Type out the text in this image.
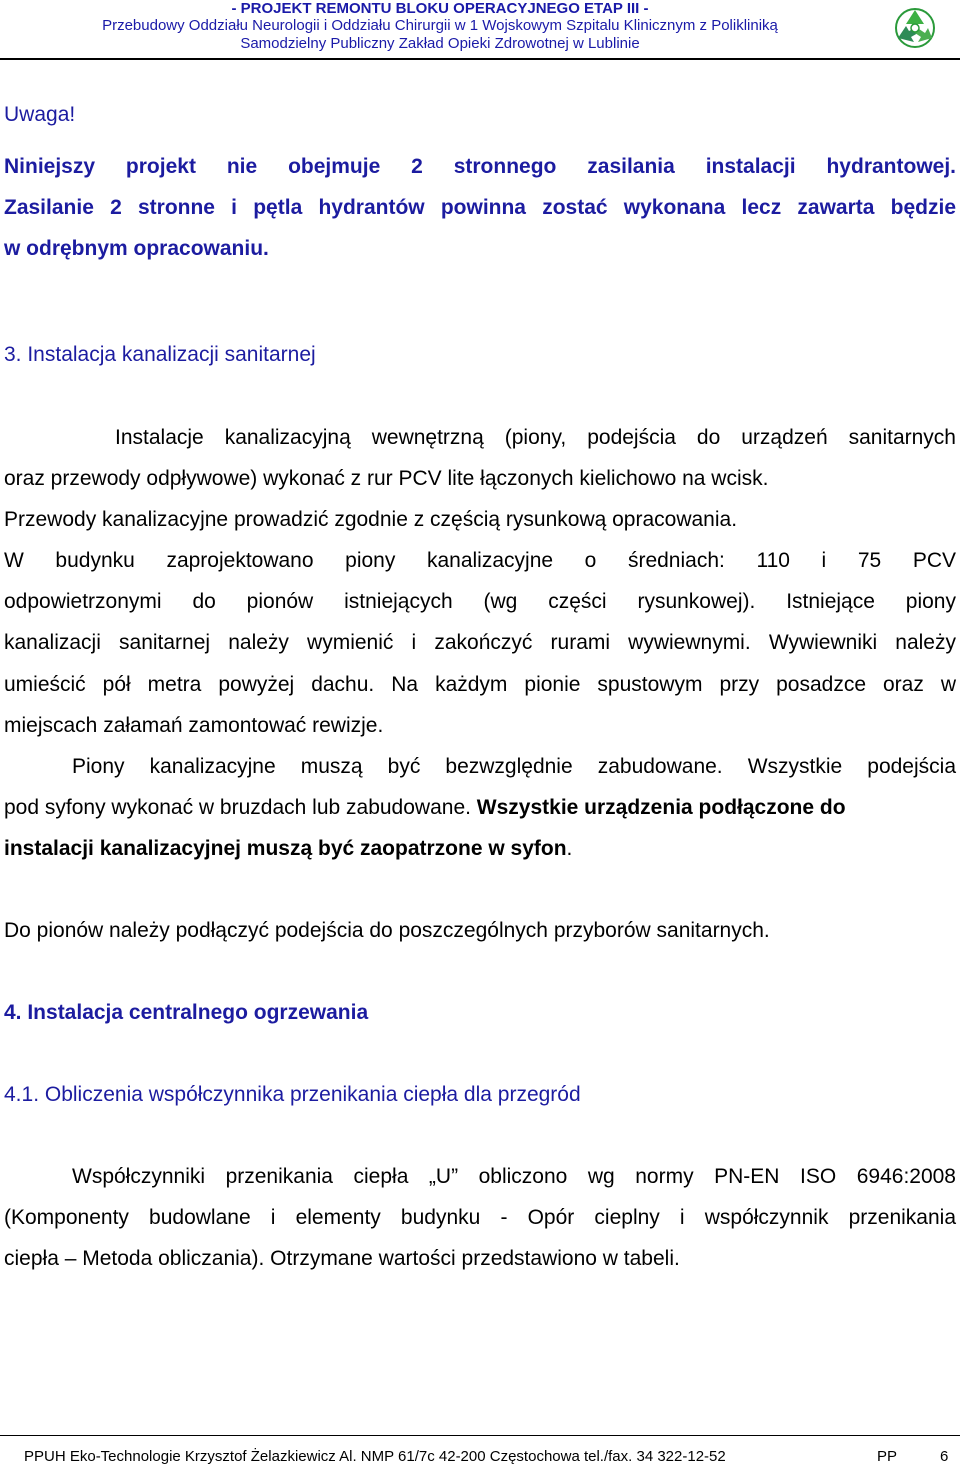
- PROJEKT REMONTU BLOKU OPERACYJNEGO ETAP III -
Przebudowy Oddziału Neurologii i Oddziału Chirurgii w 1 Wojskowym Szpitalu Klinicznym z Polikliniką
Samodzielny Publiczny Zakład Opieki Zdrowotnej w Lublinie
Uwaga!
Niniejszy projekt nie obejmuje 2 stronnego zasilania instalacji hydrantowej.
Zasilanie 2 stronne i pętla hydrantów powinna zostać wykonana lecz zawarta będzie
w odrębnym opracowaniu.
3. Instalacja kanalizacji sanitarnej
Instalacje kanalizacyjną wewnętrzną (piony, podejścia do urządzeń sanitarnych
oraz przewody odpływowe) wykonać z rur PCV lite łączonych kielichowo na wcisk.
Przewody kanalizacyjne prowadzić zgodnie z częścią rysunkową opracowania.
W budynku zaprojektowano piony kanalizacyjne o średniach: 110 i 75 PCV
odpowietrzonymi do pionów istniejących (wg części rysunkowej). Istniejące piony
kanalizacji sanitarnej należy wymienić i zakończyć rurami wywiewnymi. Wywiewniki należy
umieścić pół metra powyżej dachu. Na każdym pionie spustowym przy posadzce oraz w
miejscach załamań zamontować rewizje.
Piony kanalizacyjne muszą być bezwzględnie zabudowane. Wszystkie podejścia
pod syfony wykonać w bruzdach lub zabudowane. Wszystkie urządzenia podłączone do
instalacji kanalizacyjnej muszą być zaopatrzone w syfon.
Do pionów należy podłączyć podejścia do poszczególnych przyborów sanitarnych.
4. Instalacja centralnego ogrzewania
4.1. Obliczenia współczynnika przenikania ciepła dla przegród
Współczynniki przenikania ciepła „U” obliczono wg normy PN-EN ISO 6946:2008
(Komponenty budowlane i elementy budynku - Opór cieplny i współczynnik przenikania
ciepła – Metoda obliczania). Otrzymane wartości przedstawiono w tabeli.
PPUH Eko-Technologie Krzysztof Żelazkiewicz Al. NMP 61/7c 42-200 Częstochowa tel./fax. 34 322-12-52	PP	6
